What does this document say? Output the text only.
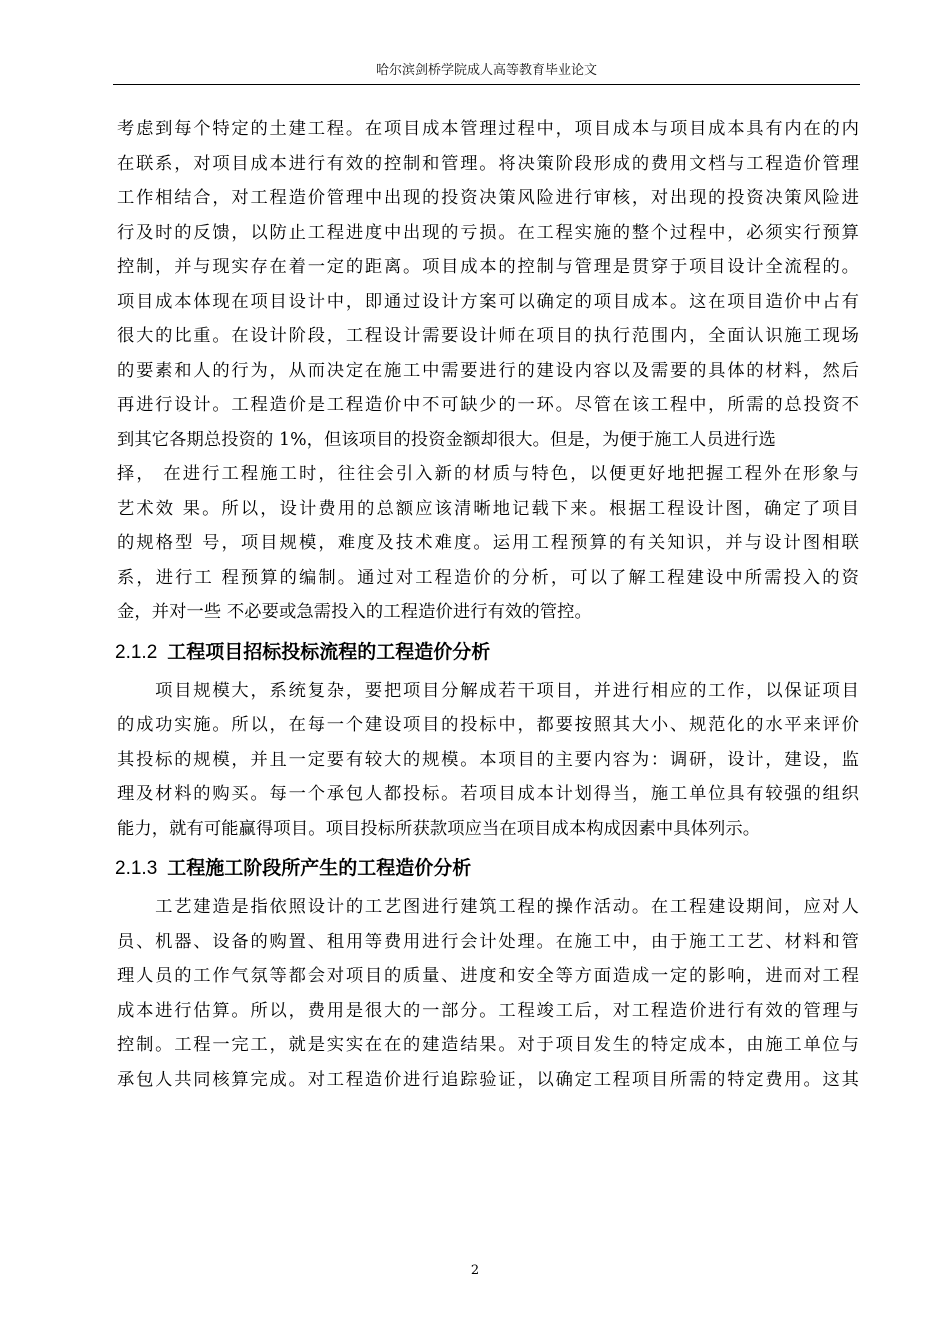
哈尔滨剑桥学院成人高等教育毕业论文
考虑到每个特定的土建工程。在项目成本管理过程中，项目成本与项目成本具有内在的内
在联系，对项目成本进行有效的控制和管理。将决策阶段形成的费用文档与工程造价管理
工作相结合，对工程造价管理中出现的投资决策风险进行审核，对出现的投资决策风险进
行及时的反馈，以防止工程进度中出现的亏损。在工程实施的整个过程中，必须实行预算
控制，并与现实存在着一定的距离。项目成本的控制与管理是贯穿于项目设计全流程的。
项目成本体现在项目设计中，即通过设计方案可以确定的项目成本。这在项目造价中占有
很大的比重。在设计阶段，工程设计需要设计师在项目的执行范围内，全面认识施工现场
的要素和人的行为，从而决定在施工中需要进行的建设内容以及需要的具体的材料，然后
再进行设计。工程造价是工程造价中不可缺少的一环。尽管在该工程中，所需的总投资不
到其它各期总投资的 1%，但该项目的投资金额却很大。但是，为便于施工人员进行选
择， 在进行工程施工时，往往会引入新的材质与特色，以便更好地把握工程外在形象与
艺术效 果。所以，设计费用的总额应该清晰地记载下来。根据工程设计图，确定了项目
的规格型 号，项目规模，难度及技术难度。运用工程预算的有关知识，并与设计图相联
系，进行工 程预算的编制。通过对工程造价的分析，可以了解工程建设中所需投入的资
金，并对一些 不必要或急需投入的工程造价进行有效的管控。
2.1.2 工程项目招标投标流程的工程造价分析
　　项目规模大，系统复杂，要把项目分解成若干项目，并进行相应的工作，以保证项目
的成功实施。所以，在每一个建设项目的投标中，都要按照其大小、规范化的水平来评价
其投标的规模，并且一定要有较大的规模。本项目的主要内容为：调研，设计，建设，监
理及材料的购买。每一个承包人都投标。若项目成本计划得当，施工单位具有较强的组织
能力，就有可能赢得项目。项目投标所获款项应当在项目成本构成因素中具体列示。
2.1.3 工程施工阶段所产生的工程造价分析
　　工艺建造是指依照设计的工艺图进行建筑工程的操作活动。在工程建设期间，应对人
员、机器、设备的购置、租用等费用进行会计处理。在施工中，由于施工工艺、材料和管
理人员的工作气氛等都会对项目的质量、进度和安全等方面造成一定的影响，进而对工程
成本进行估算。所以，费用是很大的一部分。工程竣工后，对工程造价进行有效的管理与
控制。工程一完工，就是实实在在的建造结果。对于项目发生的特定成本，由施工单位与
承包人共同核算完成。对工程造价进行追踪验证，以确定工程项目所需的特定费用。这其
2
